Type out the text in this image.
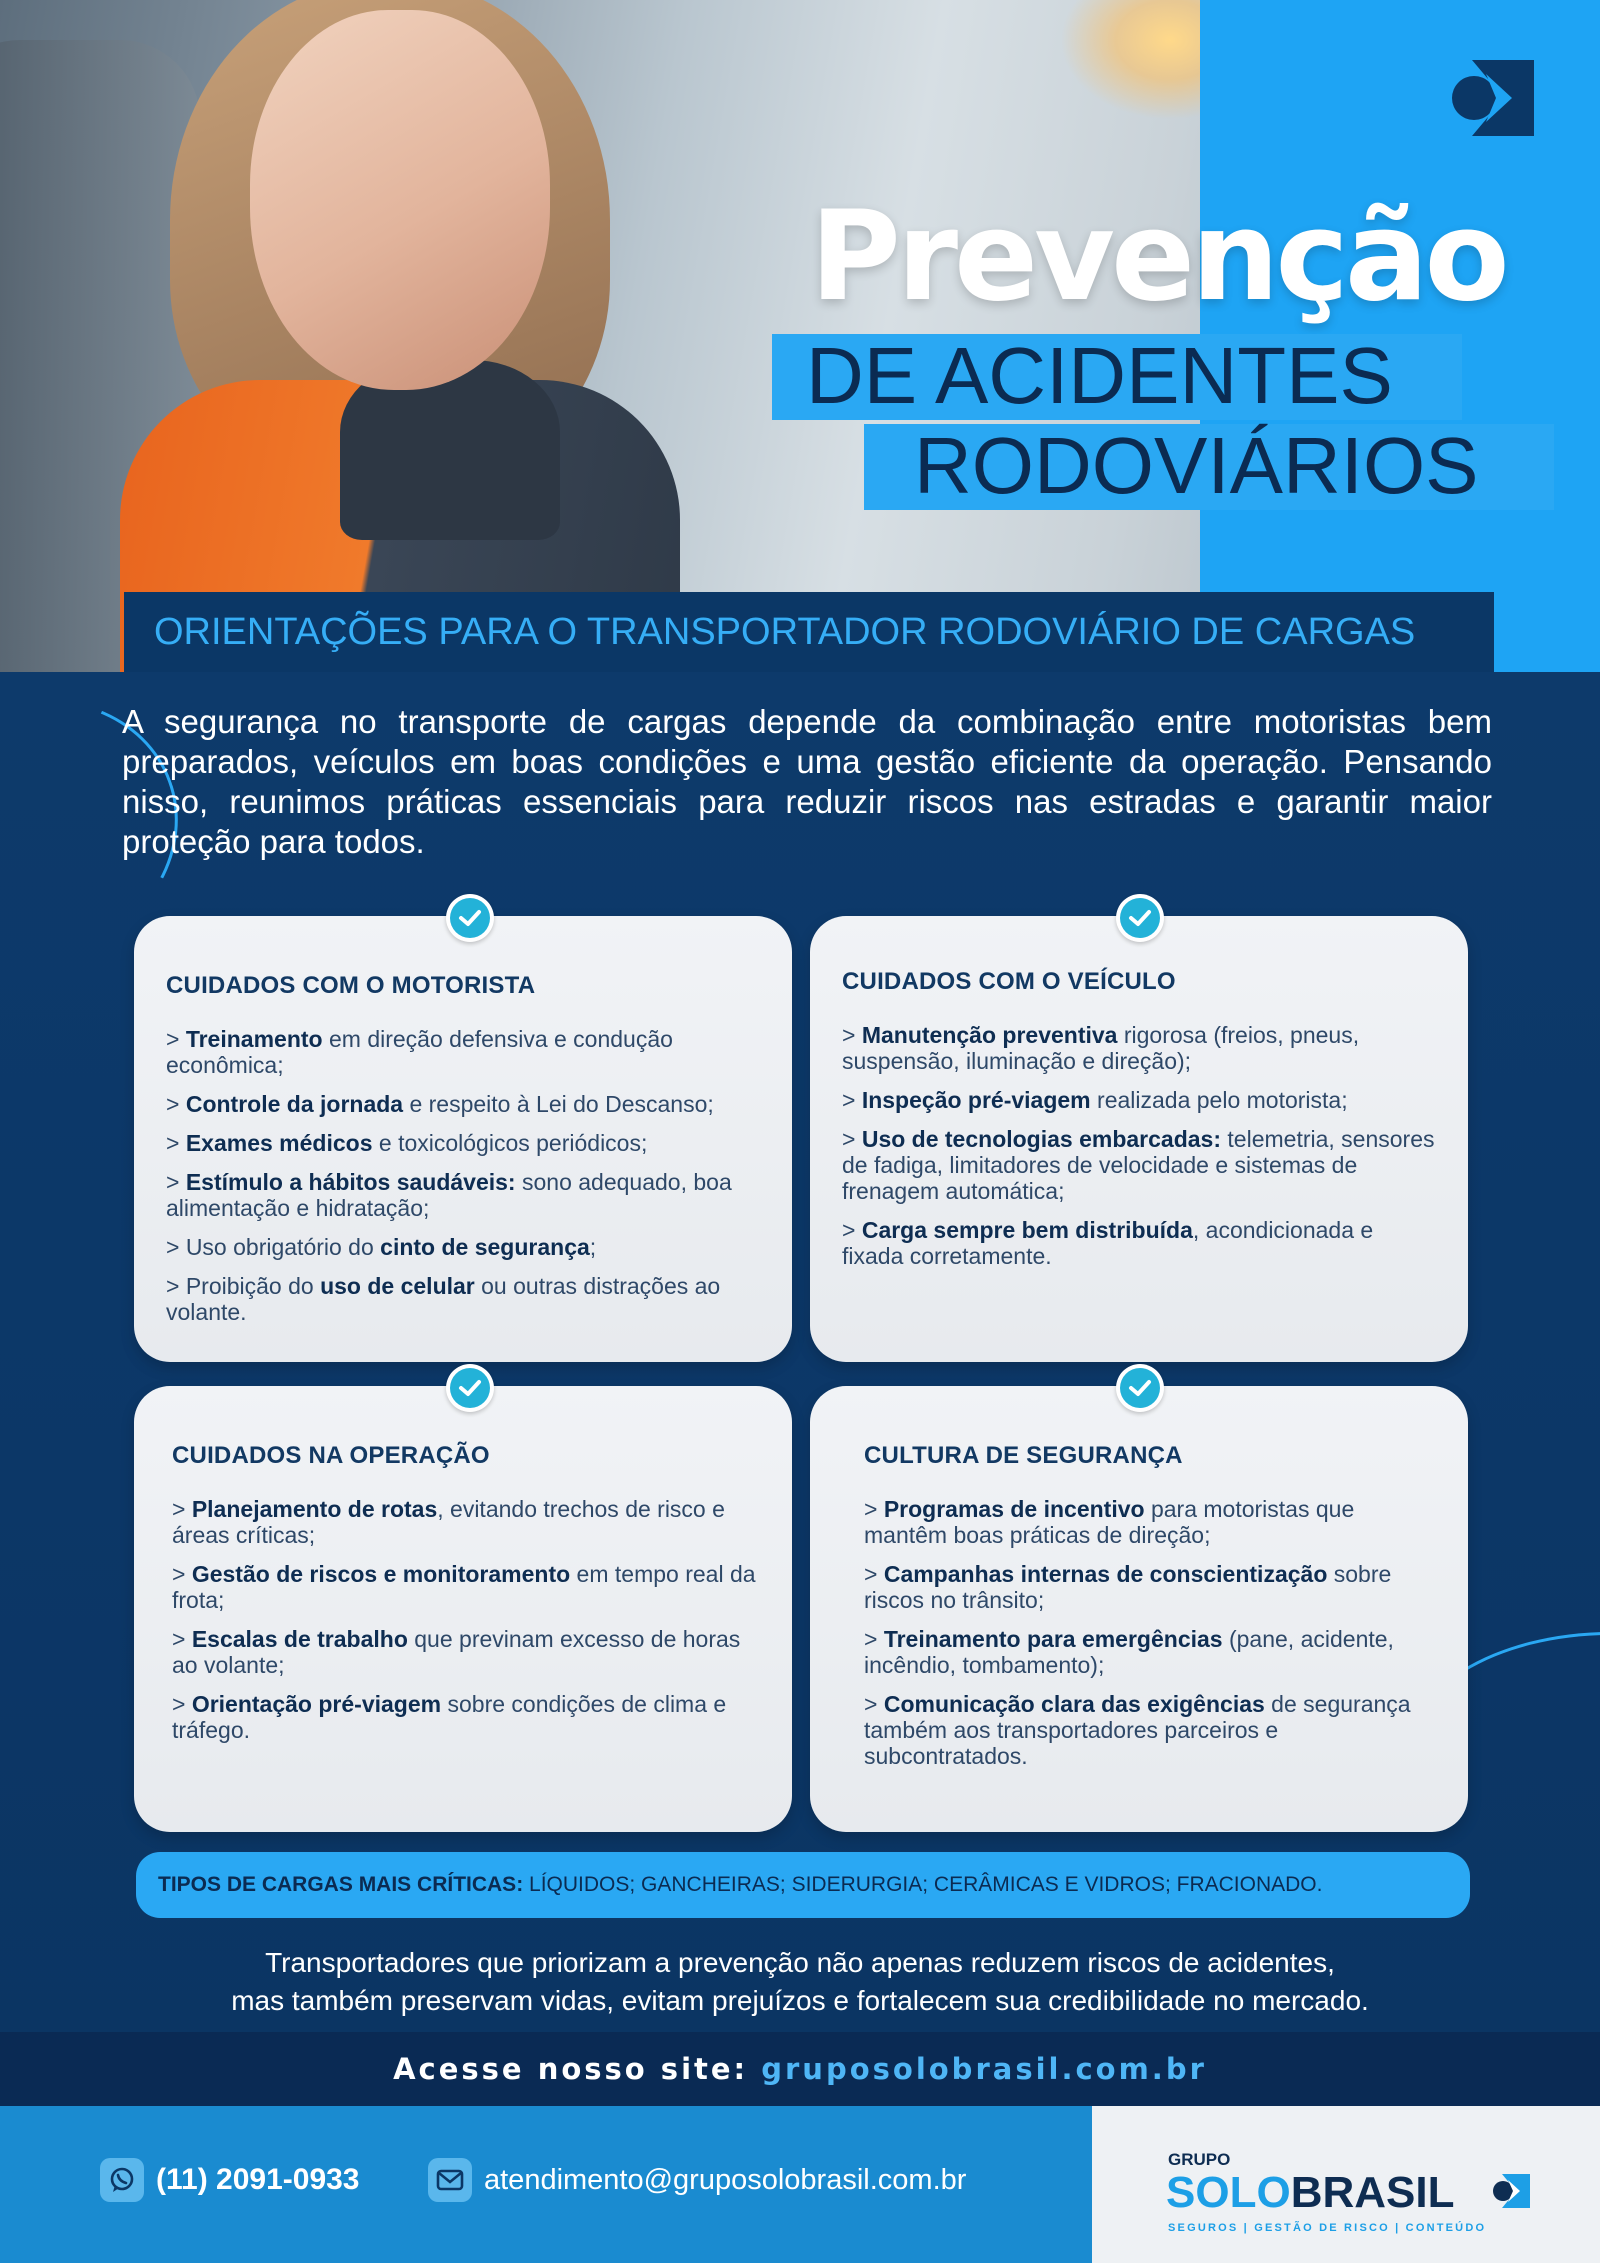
Prevenção
DE ACIDENTES
RODOVIÁRIOS
ORIENTAÇÕES PARA O TRANSPORTADOR RODOVIÁRIO DE CARGAS

A segurança no transporte de cargas depende da combinação entre motoristas bem preparados, veículos em boas condições e uma gestão eficiente da operação. Pensando nisso, reunimos práticas essenciais para reduzir riscos nas estradas e garantir maior proteção para todos.

CUIDADOS COM O MOTORISTA
> Treinamento em direção defensiva e condução econômica;
> Controle da jornada e respeito à Lei do Descanso;
> Exames médicos e toxicológicos periódicos;
> Estímulo a hábitos saudáveis: sono adequado, boa alimentação e hidratação;
> Uso obrigatório do cinto de segurança;
> Proibição do uso de celular ou outras distrações ao volante.
CUIDADOS COM O VEÍCULO
> Manutenção preventiva rigorosa (freios, pneus, suspensão, iluminação e direção);
> Inspeção pré-viagem realizada pelo motorista;
> Uso de tecnologias embarcadas: telemetria, sensores de fadiga, limitadores de velocidade e sistemas de frenagem automática;
> Carga sempre bem distribuída, acondicionada e fixada corretamente.
CUIDADOS NA OPERAÇÃO
> Planejamento de rotas, evitando trechos de risco e áreas críticas;
> Gestão de riscos e monitoramento em tempo real da frota;
> Escalas de trabalho que previnam excesso de horas ao volante;
> Orientação pré-viagem sobre condições de clima e tráfego.
CULTURA DE SEGURANÇA
> Programas de incentivo para motoristas que mantêm boas práticas de direção;
> Campanhas internas de conscientização sobre riscos no trânsito;
> Treinamento para emergências (pane, acidente, incêndio, tombamento);
> Comunicação clara das exigências de segurança também aos transportadores parceiros e subcontratados.
TIPOS DE CARGAS MAIS CRÍTICAS: LÍQUIDOS; GANCHEIRAS; SIDERURGIA; CERÂMICAS E VIDROS; FRACIONADO.
Transportadores que priorizam a prevenção não apenas reduzem riscos de acidentes,
mas também preservam vidas, evitam prejuízos e fortalecem sua credibilidade no mercado.
Acesse nosso site: gruposolobrasil.com.br
(11) 2091-0933	atendimento@gruposolobrasil.com.br
GRUPO
SOLOBRASIL
SEGUROS | GESTÃO DE RISCO | CONTEÚDO
